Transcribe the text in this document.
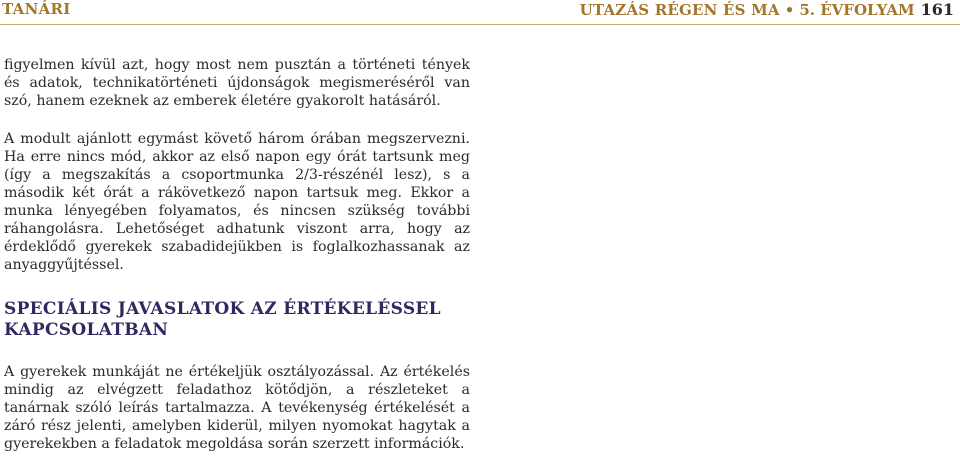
TANÁRI	UTAZÁS RÉGEN ÉS MA • 5. ÉVFOLYAM 161

figyelmen kívül azt, hogy most nem pusztán a történeti tények és adatok, technikatörténeti újdonságok megismeréséről van szó, hanem ezeknek az emberek életére gyakorolt hatásáról.

A modult ajánlott egymást követő három órában megszervezni. Ha erre nincs mód, akkor az első napon egy órát tartsunk meg (így a megszakítás a csoportmunka 2/3-részénél lesz), s a második két órát a rákövetkező napon tartsuk meg. Ekkor a munka lényegében folyamatos, és nincsen szükség további ráhangolásra. Lehetőséget adhatunk viszont arra, hogy az érdeklődő gyerekek szabadidejükben is foglalkozhassanak az anyaggyűjtéssel.

SPECIÁLIS JAVASLATOK AZ ÉRTÉKELÉSSEL KAPCSOLATBAN

A gyerekek munkáját ne értékeljük osztályozással. Az értékelés mindig az elvégzett feladathoz kötődjön, a részleteket a tanárnak szóló leírás tartalmazza. A tevékenység értékelését a záró rész jelenti, amelyben kiderül, milyen nyomokat hagytak a gyerekekben a feladatok megoldása során szerzett információk.
